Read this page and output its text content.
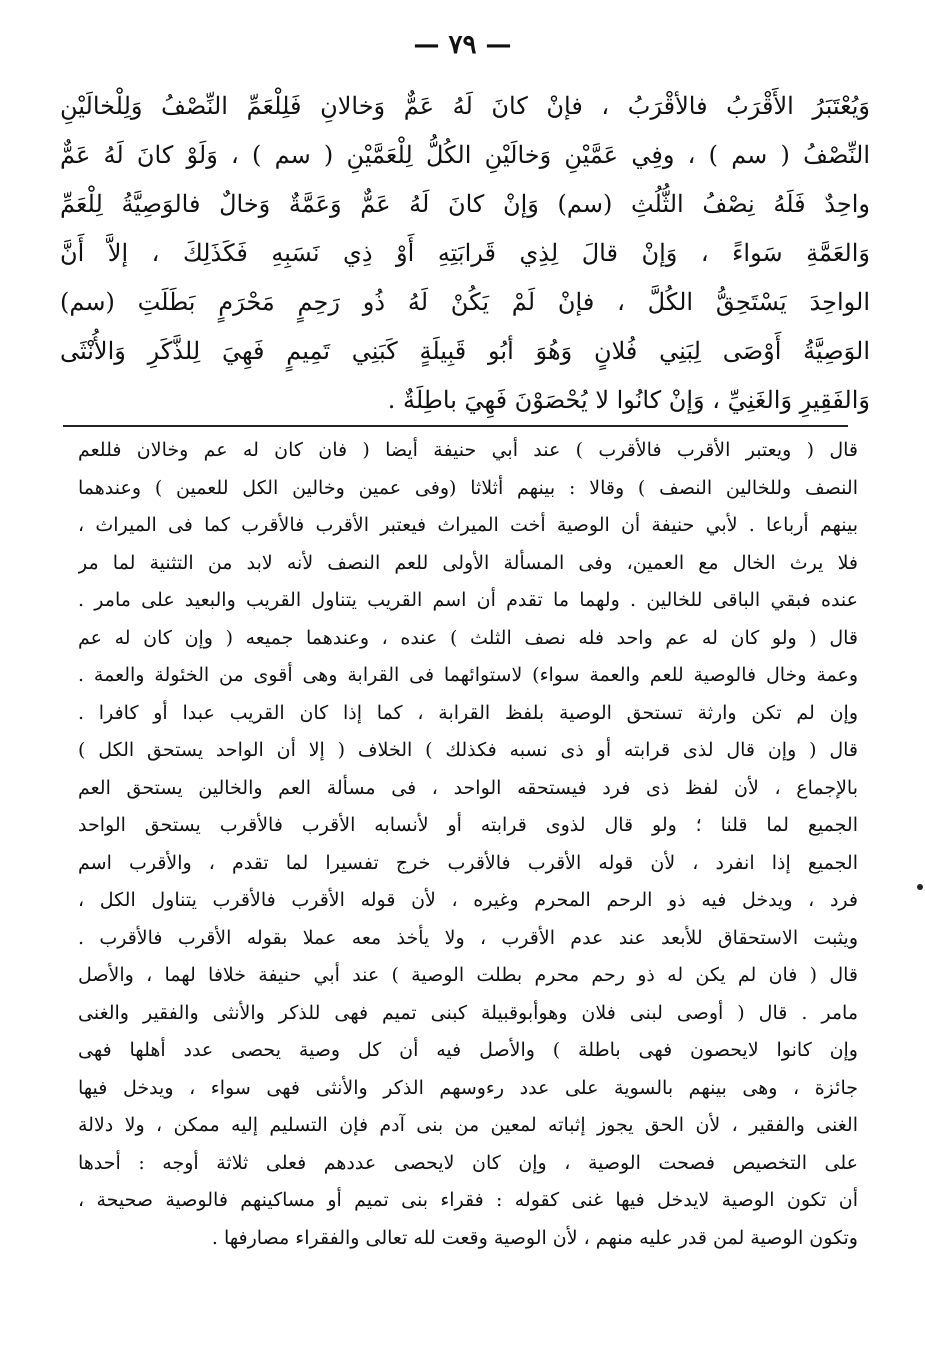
— ٧٩ —
وَيُعْتَبَرُ الأَقْرَبُ فالأقْرَبُ ، فإنْ كانَ لَهُ عَمٌّ وَخالانِ فَلِلْعَمِّ النِّصْفُ وَلِلْخالَيْنِ
النِّصْفُ ( سم ) ، وفِي عَمَّيْنِ وَخالَيْنِ الكُلُّ لِلْعَمَّيْنِ ( سم ) ، وَلَوْ كانَ لَهُ عَمٌّ
واحِدٌ فَلَهُ نِصْفُ الثُّلُثِ (سم) وَإنْ كانَ لَهُ عَمٌّ وَعَمَّةٌ وَخالٌ فالوَصِيَّةُ لِلْعَمِّ
وَالعَمَّةِ سَواءً ، وَإنْ قالَ لِذِي قَرابَتِهِ أَوْ ذِي نَسَبِهِ فَكَذَلِكَ ، إلاَّ أَنَّ
الواحِدَ يَسْتَحِقُّ الكُلَّ ، فإنْ لَمْ يَكُنْ لَهُ ذُو رَحِمٍ مَحْرَمٍ بَطَلَتِ (سم)
الوَصِيَّةُ أَوْصَى لِبَنِي فُلانٍ وَهُوَ أبُو قَبِيلَةٍ كَبَنِي تَمِيمٍ فَهِيَ لِلذَّكَرِ وَالأُنْثَى
وَالفَقِيرِ وَالغَنِيِّ ، وَإنْ كانُوا لا يُحْصَوْنَ فَهِيَ باطِلَةٌ .
قال ( ويعتبر الأقرب فالأقرب ) عند أبي حنيفة أيضا ( فان كان له عم وخالان فللعم
النصف وللخالين النصف ) وقالا : بينهم أثلاثا (وفى عمين وخالين الكل للعمين ) وعندهما
بينهم أرباعا . لأبي حنيفة أن الوصية أخت الميراث فيعتبر الأقرب فالأقرب كما فى الميراث ،
فلا يرث الخال مع العمين، وفى المسألة الأولى للعم النصف لأنه لابد من التثنية لما مر
عنده فبقي الباقى للخالين . ولهما ما تقدم أن اسم القريب يتناول القريب والبعيد على مامر .
قال ( ولو كان له عم واحد فله نصف الثلث ) عنده ، وعندهما جميعه ( وإن كان له عم
وعمة وخال فالوصية للعم والعمة سواء) لاستوائهما فى القرابة وهى أقوى من الخئولة والعمة .
وإن لم تكن وارثة تستحق الوصية بلفظ القرابة ، كما إذا كان القريب عبدا أو كافرا .
قال ( وإن قال لذى قرابته أو ذى نسبه فكذلك ) الخلاف ( إلا أن الواحد يستحق الكل )
بالإجماع ، لأن لفظ ذى فرد فيستحقه الواحد ، فى مسألة العم والخالين يستحق العم
الجميع لما قلنا ؛ ولو قال لذوى قرابته أو لأنسابه الأقرب فالأقرب يستحق الواحد
الجميع إذا انفرد ، لأن قوله الأقرب فالأقرب خرج تفسيرا لما تقدم ، والأقرب اسم
فرد ، ويدخل فيه ذو الرحم المحرم وغيره ، لأن قوله الأقرب فالأقرب يتناول الكل ،
ويثبت الاستحقاق للأبعد عند عدم الأقرب ، ولا يأخذ معه عملا بقوله الأقرب فالأقرب .
قال ( فان لم يكن له ذو رحم محرم بطلت الوصية ) عند أبي حنيفة خلافا لهما ، والأصل
مامر . قال ( أوصى لبنى فلان وهوأبوقبيلة كبنى تميم فهى للذكر والأنثى والفقير والغنى
وإن كانوا لايحصون فهى باطلة ) والأصل فيه أن كل وصية يحصى عدد أهلها فهى
جائزة ، وهى بينهم بالسوية على عدد رءوسهم الذكر والأنثى فهى سواء ، ويدخل فيها
الغنى والفقير ، لأن الحق يجوز إثباته لمعين من بنى آدم فإن التسليم إليه ممكن ، ولا دلالة
على التخصيص فصحت الوصية ، وإن كان لايحصى عددهم فعلى ثلاثة أوجه : أحدها
أن تكون الوصية لايدخل فيها غنى كقوله : فقراء بنى تميم أو مساكينهم فالوصية صحيحة ،
وتكون الوصية لمن قدر عليه منهم ، لأن الوصية وقعت لله تعالى والفقراء مصارفها .
